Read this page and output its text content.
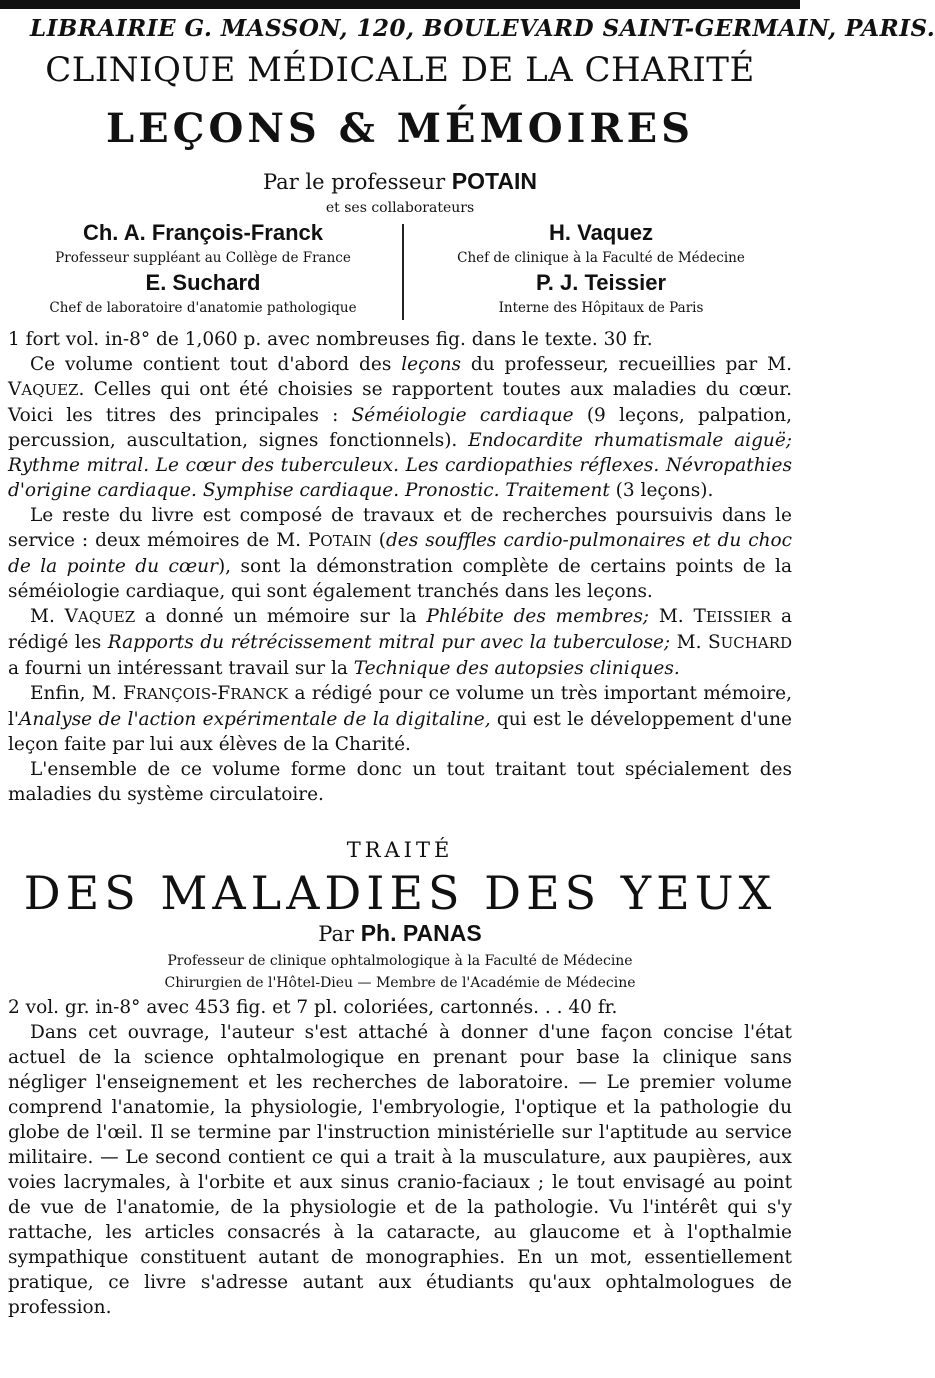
LIBRAIRIE G. MASSON, 120, BOULEVARD SAINT-GERMAIN, PARIS.
CLINIQUE MÉDICALE DE LA CHARITÉ
LEÇONS & MÉMOIRES
Par le professeur POTAIN
et ses collaborateurs
Ch. A. François-Franck
Professeur suppléant au Collège de France
E. Suchard
Chef de laboratoire d'anatomie pathologique
H. Vaquez
Chef de clinique à la Faculté de Médecine
P. J. Teissier
Interne des Hôpitaux de Paris

1 fort vol. in-8° de 1,060 p. avec nombreuses fig. dans le texte. 30 fr.

Ce volume contient tout d'abord des leçons du professeur, recueillies par M. VAQUEZ. Celles qui ont été choisies se rapportent toutes aux maladies du cœur. Voici les titres des principales : Séméiologie cardiaque (9 leçons, palpation, percussion, auscultation, signes fonctionnels). Endocardite rhumatismale aiguë; Rythme mitral. Le cœur des tuberculeux. Les cardiopathies réflexes. Névropathies d'origine cardiaque. Symphise cardiaque. Pronostic. Traitement (3 leçons).

Le reste du livre est composé de travaux et de recherches poursuivis dans le service : deux mémoires de M. POTAIN (des souffles cardio-pulmonaires et du choc de la pointe du cœur), sont la démonstration complète de certains points de la séméiologie cardiaque, qui sont également tranchés dans les leçons.

M. VAQUEZ a donné un mémoire sur la Phlébite des membres; M. TEISSIER a rédigé les Rapports du rétrécissement mitral pur avec la tuberculose; M. SUCHARD a fourni un intéressant travail sur la Technique des autopsies cliniques.

Enfin, M. FRANÇOIS-FRANCK a rédigé pour ce volume un très important mémoire, l'Analyse de l'action expérimentale de la digitaline, qui est le développement d'une leçon faite par lui aux élèves de la Charité.

L'ensemble de ce volume forme donc un tout traitant tout spécialement des maladies du système circulatoire.

TRAITÉ
DES MALADIES DES YEUX
Par Ph. PANAS
Professeur de clinique ophtalmologique à la Faculté de Médecine
Chirurgien de l'Hôtel-Dieu — Membre de l'Académie de Médecine

2 vol. gr. in-8° avec 453 fig. et 7 pl. coloriées, cartonnés. . . 40 fr.

Dans cet ouvrage, l'auteur s'est attaché à donner d'une façon concise l'état actuel de la science ophtalmologique en prenant pour base la clinique sans négliger l'enseignement et les recherches de laboratoire. — Le premier volume comprend l'anatomie, la physiologie, l'embryologie, l'optique et la pathologie du globe de l'œil. Il se termine par l'instruction ministérielle sur l'aptitude au service militaire. — Le second contient ce qui a trait à la musculature, aux paupières, aux voies lacrymales, à l'orbite et aux sinus cranio-faciaux ; le tout envisagé au point de vue de l'anatomie, de la physiologie et de la pathologie. Vu l'intérêt qui s'y rattache, les articles consacrés à la cataracte, au glaucome et à l'opthalmie sympathique constituent autant de monographies. En un mot, essentiellement pratique, ce livre s'adresse autant aux étudiants qu'aux ophtalmologues de profession.
